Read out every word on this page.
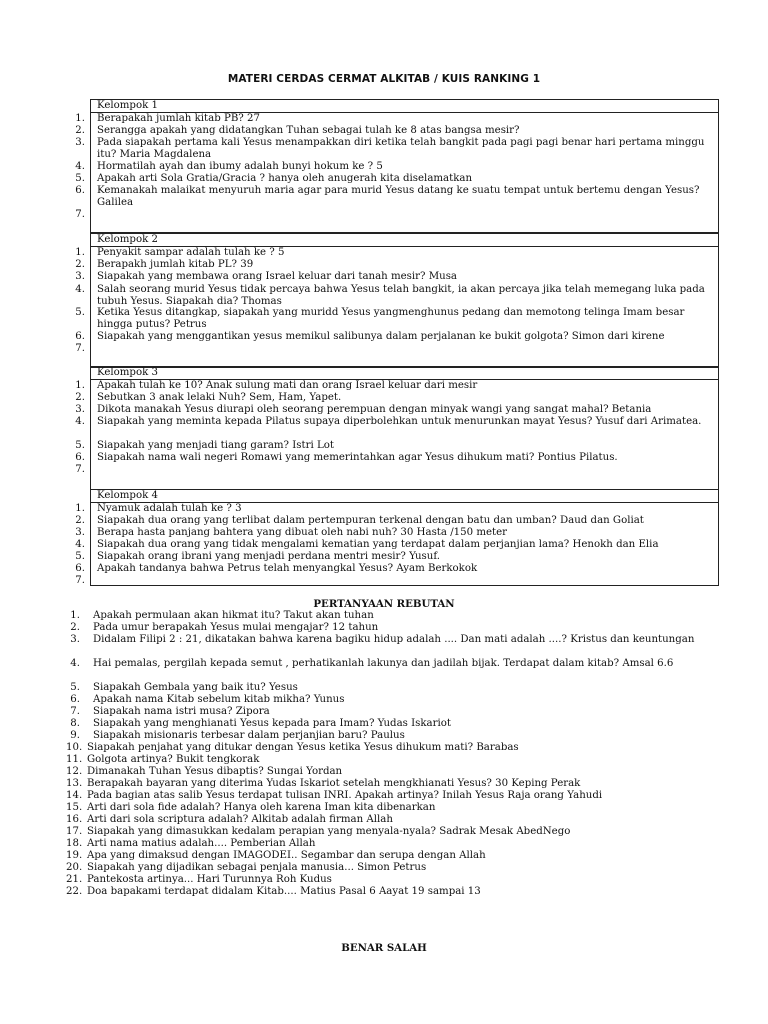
MATERI CERDAS CERMAT ALKITAB / KUIS RANKING 1
Kelompok 1
1. Berapakah jumlah kitab PB? 27
2. Serangga apakah yang didatangkan Tuhan sebagai tulah ke 8 atas bangsa mesir?
3. Pada siapakah pertama kali Yesus menampakkan diri ketika telah bangkit pada pagi pagi benar hari pertama minggu itu? Maria Magdalena
4. Hormatilah ayah dan ibumy adalah bunyi hokum ke ? 5
5. Apakah arti Sola Gratia/Gracia ? hanya oleh anugerah kita diselamatkan
6. Kemanakah malaikat menyuruh maria agar para murid Yesus datang ke suatu tempat untuk bertemu dengan Yesus? Galilea
7.
Kelompok 2
1. Penyakit sampar adalah tulah ke ? 5
2. Berapakh jumlah kitab PL? 39
3. Siapakah yang membawa orang Israel keluar dari tanah mesir? Musa
4. Salah seorang murid Yesus tidak percaya bahwa Yesus telah bangkit, ia akan percaya jika telah memegang luka pada tubuh Yesus. Siapakah dia? Thomas
5. Ketika Yesus ditangkap, siapakah yang muridd Yesus yangmenghunus pedang dan memotong telinga Imam besar hingga putus? Petrus
6. Siapakah yang menggantikan yesus memikul salibunya dalam perjalanan ke bukit golgota? Simon dari kirene
7.
Kelompok 3
1. Apakah tulah ke 10? Anak sulung mati dan orang Israel keluar dari mesir
2. Sebutkan 3 anak lelaki Nuh? Sem, Ham, Yapet.
3. Dikota manakah Yesus diurapi oleh seorang perempuan dengan minyak wangi yang sangat mahal? Betania
4. Siapakah yang meminta kepada Pilatus supaya diperbolehkan untuk menurunkan mayat Yesus? Yusuf dari Arimatea.
5. Siapakah yang menjadi tiang garam? Istri Lot
6. Siapakah nama wali negeri Romawi yang memerintahkan agar Yesus dihukum mati? Pontius Pilatus.
7.
Kelompok 4
1. Nyamuk adalah tulah ke ? 3
2. Siapakah dua orang yang terlibat dalam pertempuran terkenal dengan batu dan umban? Daud dan Goliat
3. Berapa hasta panjang bahtera yang dibuat oleh nabi nuh? 30 Hasta /150 meter
4. Siapakah dua orang yang tidak mengalami kematian yang terdapat dalam perjanjian lama? Henokh dan Elia
5. Siapakah orang ibrani yang menjadi perdana mentri mesir? Yusuf.
6. Apakah tandanya bahwa Petrus telah menyangkal Yesus? Ayam Berkokok
7.
PERTANYAAN REBUTAN
1. Apakah permulaan akan hikmat itu? Takut akan tuhan
2. Pada umur berapakah Yesus mulai mengajar? 12 tahun
3. Didalam Filipi 2 : 21, dikatakan bahwa karena bagiku hidup adalah .... Dan mati adalah ....? Kristus dan keuntungan
4. Hai pemalas, pergilah kepada semut , perhatikanlah lakunya dan jadilah bijak. Terdapat dalam kitab? Amsal 6.6
5. Siapakah Gembala yang baik itu? Yesus
6. Apakah nama Kitab sebelum kitab mikha? Yunus
7. Siapakah nama istri musa? Zipora
8. Siapakah yang menghianati Yesus kepada para Imam? Yudas Iskariot
9. Siapakah misionaris terbesar dalam perjanjian baru? Paulus
10. Siapakah penjahat yang ditukar dengan Yesus ketika Yesus dihukum mati? Barabas
11. Golgota artinya? Bukit tengkorak
12. Dimanakah Tuhan Yesus dibaptis? Sungai Yordan
13. Berapakah bayaran yang diterima Yudas Iskariot setelah mengkhianati Yesus? 30 Keping Perak
14. Pada bagian atas salib Yesus terdapat tulisan INRI. Apakah artinya? Inilah Yesus Raja orang Yahudi
15. Arti dari sola fide adalah? Hanya oleh karena Iman kita dibenarkan
16. Arti dari sola scriptura adalah? Alkitab adalah firman Allah
17. Siapakah yang dimasukkan kedalam perapian yang menyala-nyala? Sadrak Mesak AbedNego
18. Arti nama matius adalah.... Pemberian Allah
19. Apa yang dimaksud dengan IMAGODEI.. Segambar dan serupa dengan Allah
20. Siapakah yang dijadikan sebagai penjala manusia... Simon Petrus
21. Pantekosta artinya... Hari Turunnya Roh Kudus
22. Doa bapakami terdapat didalam Kitab.... Matius Pasal 6 Aayat 19 sampai 13
BENAR SALAH
